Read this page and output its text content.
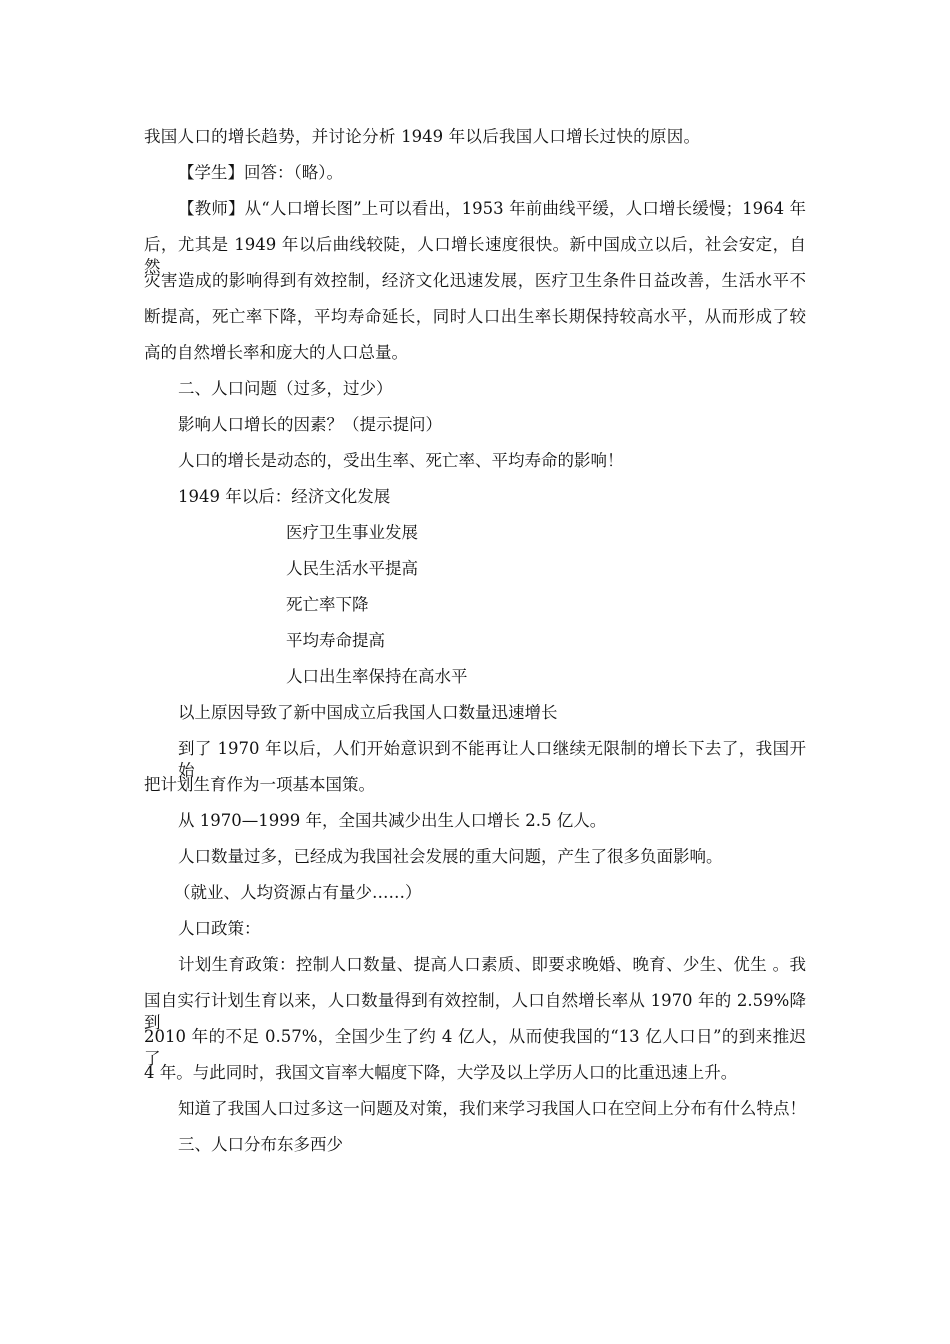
我国人口的增长趋势，并讨论分析 1949 年以后我国人口增长过快的原因。
【学生】回答：（略）。
【教师】从“人口增长图”上可以看出，1953 年前曲线平缓，人口增长缓慢；1964 年
后，尤其是 1949 年以后曲线较陡，人口增长速度很快。新中国成立以后，社会安定，自然
灾害造成的影响得到有效控制，经济文化迅速发展，医疗卫生条件日益改善，生活水平不
断提高，死亡率下降，平均寿命延长，同时人口出生率长期保持较高水平，从而形成了较
高的自然增长率和庞大的人口总量。
二、人口问题（过多，过少）
影响人口增长的因素？（提示提问）
人口的增长是动态的，受出生率、死亡率、平均寿命的影响！
1949 年以后：经济文化发展
医疗卫生事业发展
人民生活水平提高
死亡率下降
平均寿命提高
人口出生率保持在高水平
以上原因导致了新中国成立后我国人口数量迅速增长
到了 1970 年以后，人们开始意识到不能再让人口继续无限制的增长下去了，我国开始
把计划生育作为一项基本国策。
从 1970—1999 年，全国共减少出生人口增长 2.5 亿人。
人口数量过多，已经成为我国社会发展的重大问题，产生了很多负面影响。
（就业、人均资源占有量少……）
人口政策：
计划生育政策：控制人口数量、提高人口素质、即要求晚婚、晚育、少生、优生 。我
国自实行计划生育以来，人口数量得到有效控制，人口自然增长率从 1970 年的 2.59%降到
2010 年的不足 0.57%，全国少生了约 4 亿人，从而使我国的“13 亿人口日”的到来推迟了
4 年。与此同时，我国文盲率大幅度下降，大学及以上学历人口的比重迅速上升。
知道了我国人口过多这一问题及对策，我们来学习我国人口在空间上分布有什么特点！
三、人口分布东多西少
